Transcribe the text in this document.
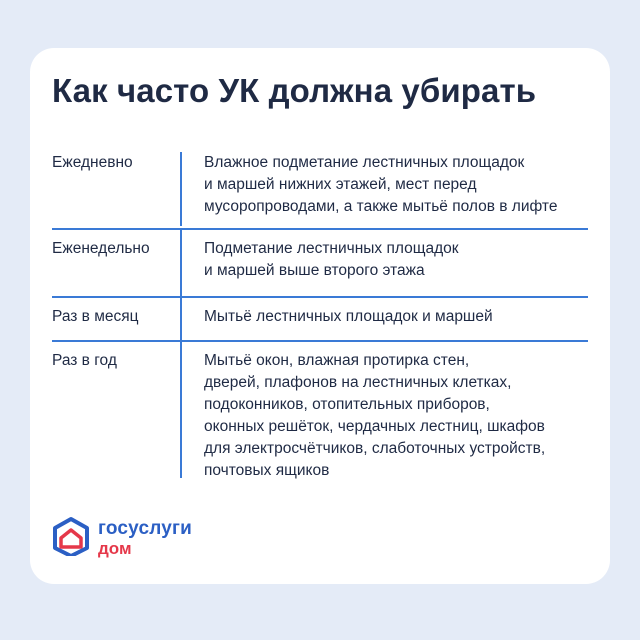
Как часто УК должна убирать
Ежедневно	Влажное подметание лестничных площадок
и маршей нижних этажей, мест перед
мусоропроводами, а также мытьё полов в лифте
Еженедельно	Подметание лестничных площадок
и маршей выше второго этажа
Раз в месяц	Мытьё лестничных площадок и маршей
Раз в год	Мытьё окон, влажная протирка стен,
дверей, плафонов на лестничных клетках,
подоконников, отопительных приборов,
оконных решёток, чердачных лестниц, шкафов
для электросчётчиков, слаботочных устройств,
почтовых ящиков
госуслуги
дом
